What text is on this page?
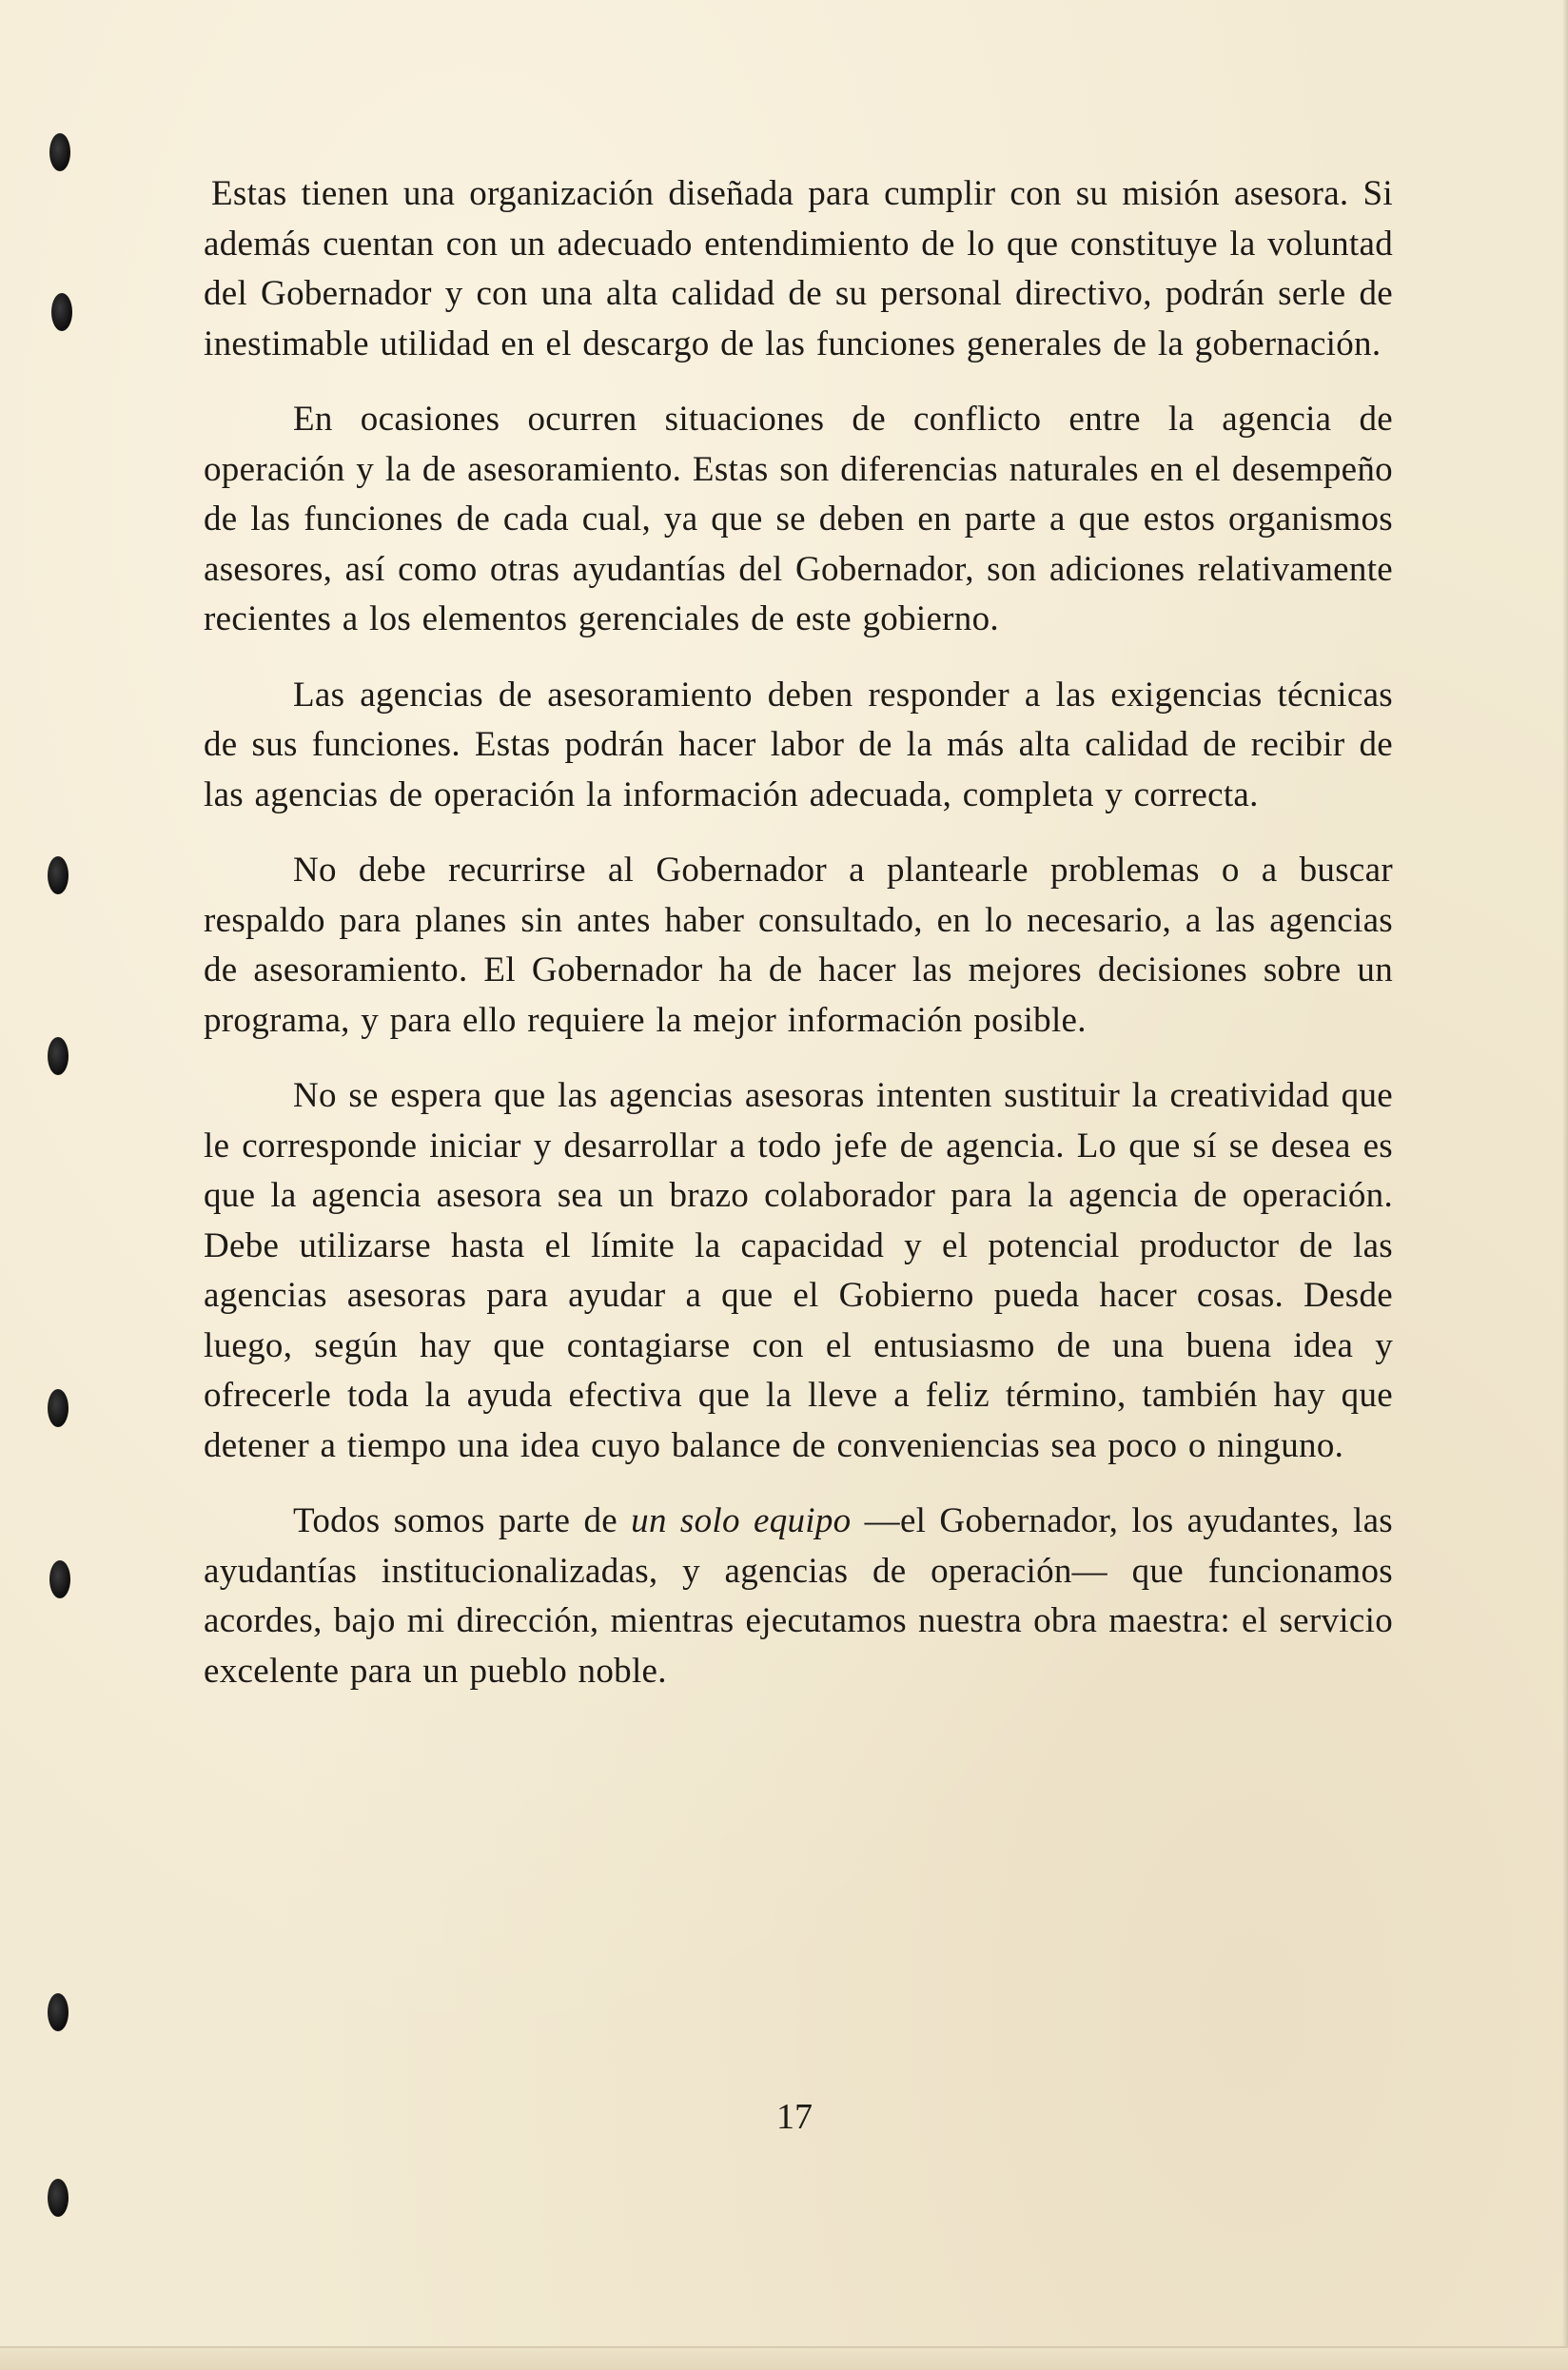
Estas tienen una organización diseñada para cumplir con su misión asesora. Si además cuentan con un adecuado entendimiento de lo que constituye la voluntad del Gobernador y con una alta calidad de su personal directivo, podrán serle de inestimable utilidad en el descargo de las funciones generales de la gobernación.

En ocasiones ocurren situaciones de conflicto entre la agencia de operación y la de asesoramiento. Estas son diferencias naturales en el desempeño de las funciones de cada cual, ya que se deben en parte a que estos organismos asesores, así como otras ayudantías del Gobernador, son adiciones relativamente recientes a los elementos gerenciales de este gobierno.

Las agencias de asesoramiento deben responder a las exigencias técnicas de sus funciones. Estas podrán hacer labor de la más alta calidad de recibir de las agencias de operación la información adecuada, completa y correcta.

No debe recurrirse al Gobernador a plantearle problemas o a buscar respaldo para planes sin antes haber consultado, en lo necesario, a las agencias de asesoramiento. El Gobernador ha de hacer las mejores decisiones sobre un programa, y para ello requiere la mejor información posible.

No se espera que las agencias asesoras intenten sustituir la creatividad que le corresponde iniciar y desarrollar a todo jefe de agencia. Lo que sí se desea es que la agencia asesora sea un brazo colaborador para la agencia de operación. Debe utilizarse hasta el límite la capacidad y el potencial productor de las agencias asesoras para ayudar a que el Gobierno pueda hacer cosas. Desde luego, según hay que contagiarse con el entusiasmo de una buena idea y ofrecerle toda la ayuda efectiva que la lleve a feliz término, también hay que detener a tiempo una idea cuyo balance de conveniencias sea poco o ninguno.

Todos somos parte de un solo equipo —el Gobernador, los ayudantes, las ayudantías institucionalizadas, y agencias de operación— que funcionamos acordes, bajo mi dirección, mientras ejecutamos nuestra obra maestra: el servicio excelente para un pueblo noble.

17
